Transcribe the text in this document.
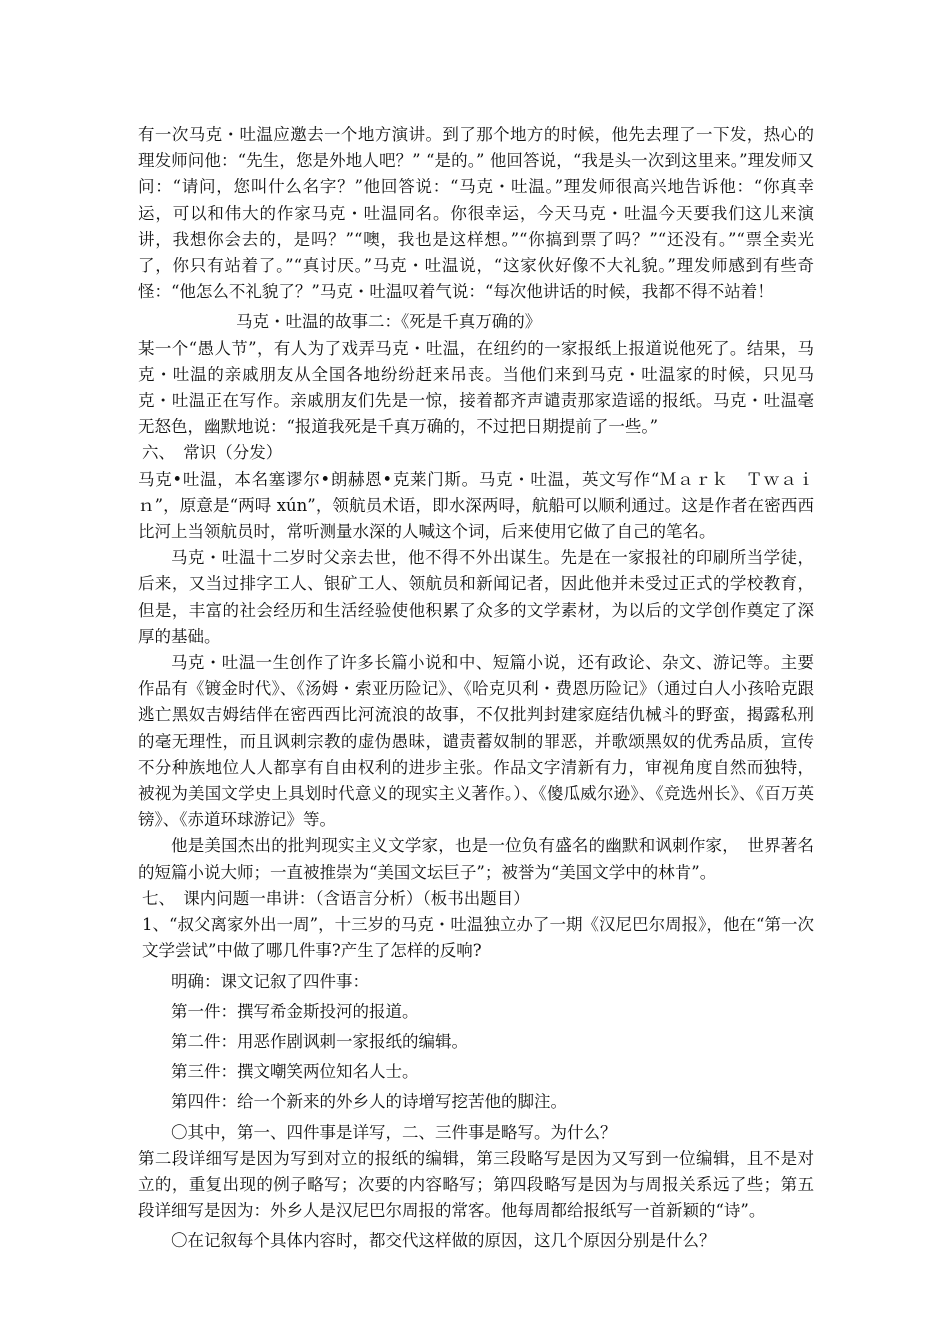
有一次马克・吐温应邀去一个地方演讲。到了那个地方的时候，他先去理了一下发，热心的理发师问他：“先生，您是外地人吧？” “是的。” 他回答说，“我是头一次到这里来。”理发师又问：“请问，您叫什么名字？”他回答说：“马克・吐温。”理发师很高兴地告诉他：“你真幸运，可以和伟大的作家马克・吐温同名。你很幸运，今天马克・吐温今天要我们这儿来演讲，我想你会去的，是吗？”“噢，我也是这样想。”“你搞到票了吗？”“还没有。”“票全卖光了，你只有站着了。”“真讨厌。”马克・吐温说，“这家伙好像不大礼貌。”理发师感到有些奇怪：“他怎么不礼貌了？”马克・吐温叹着气说：“每次他讲话的时候，我都不得不站着！

马克・吐温的故事二：《死是千真万确的》

某一个“愚人节”，有人为了戏弄马克・吐温，在纽约的一家报纸上报道说他死了。结果，马克・吐温的亲戚朋友从全国各地纷纷赶来吊丧。当他们来到马克・吐温家的时候，只见马克・吐温正在写作。亲戚朋友们先是一惊，接着都齐声谴责那家造谣的报纸。马克・吐温毫无怒色，幽默地说：“报道我死是千真万确的，不过把日期提前了一些。”

六、　常识（分发）

马克•吐温，本名塞谬尔•朗赫恩•克莱门斯。马克・吐温，英文写作“Ｍａｒｋ　Ｔｗａｉｎ”，原意是“两㖊 xún”，领航员术语，即水深两㖊，航船可以顺利通过。这是作者在密西西比河上当领航员时，常听测量水深的人喊这个词，后来使用它做了自己的笔名。

马克・吐温十二岁时父亲去世，他不得不外出谋生。先是在一家报社的印刷所当学徒，后来，又当过排字工人、银矿工人、领航员和新闻记者，因此他并未受过正式的学校教育，但是，丰富的社会经历和生活经验使他积累了众多的文学素材，为以后的文学创作奠定了深厚的基础。

马克・吐温一生创作了许多长篇小说和中、短篇小说，还有政论、杂文、游记等。主要作品有《镀金时代》、《汤姆・索亚历险记》、《哈克贝利・费恩历险记》（通过白人小孩哈克跟逃亡黑奴吉姆结伴在密西西比河流浪的故事，不仅批判封建家庭结仇械斗的野蛮，揭露私刑的毫无理性，而且讽刺宗教的虚伪愚昧，谴责蓄奴制的罪恶，并歌颂黑奴的优秀品质，宣传不分种族地位人人都享有自由权利的进步主张。作品文字清新有力，审视角度自然而独特，被视为美国文学史上具划时代意义的现实主义著作。）、《傻瓜威尔逊》、《竞选州长》、《百万英镑》、《赤道环球游记》等。

他是美国杰出的批判现实主义文学家，也是一位负有盛名的幽默和讽刺作家，　世界著名的短篇小说大师；一直被推崇为“美国文坛巨子”；被誉为“美国文学中的林肯”。

七、　课内问题一串讲：（含语言分析）（板书出题目）

1、“叔父离家外出一周”，十三岁的马克・吐温独立办了一期《汉尼巴尔周报》，他在“第一次文学尝试”中做了哪几件事?产生了怎样的反响?

明确：课文记叙了四件事：

第一件：撰写希金斯投河的报道。

第二件：用恶作剧讽刺一家报纸的编辑。

第三件：撰文嘲笑两位知名人士。

第四件：给一个新来的外乡人的诗增写挖苦他的脚注。

〇其中，第一、四件事是详写，二、三件事是略写。为什么？

第二段详细写是因为写到对立的报纸的编辑，第三段略写是因为又写到一位编辑，且不是对立的，重复出现的例子略写；次要的内容略写；第四段略写是因为与周报关系远了些；第五段详细写是因为：外乡人是汉尼巴尔周报的常客。他每周都给报纸写一首新颖的“诗”。

〇在记叙每个具体内容时，都交代这样做的原因，这几个原因分别是什么？
